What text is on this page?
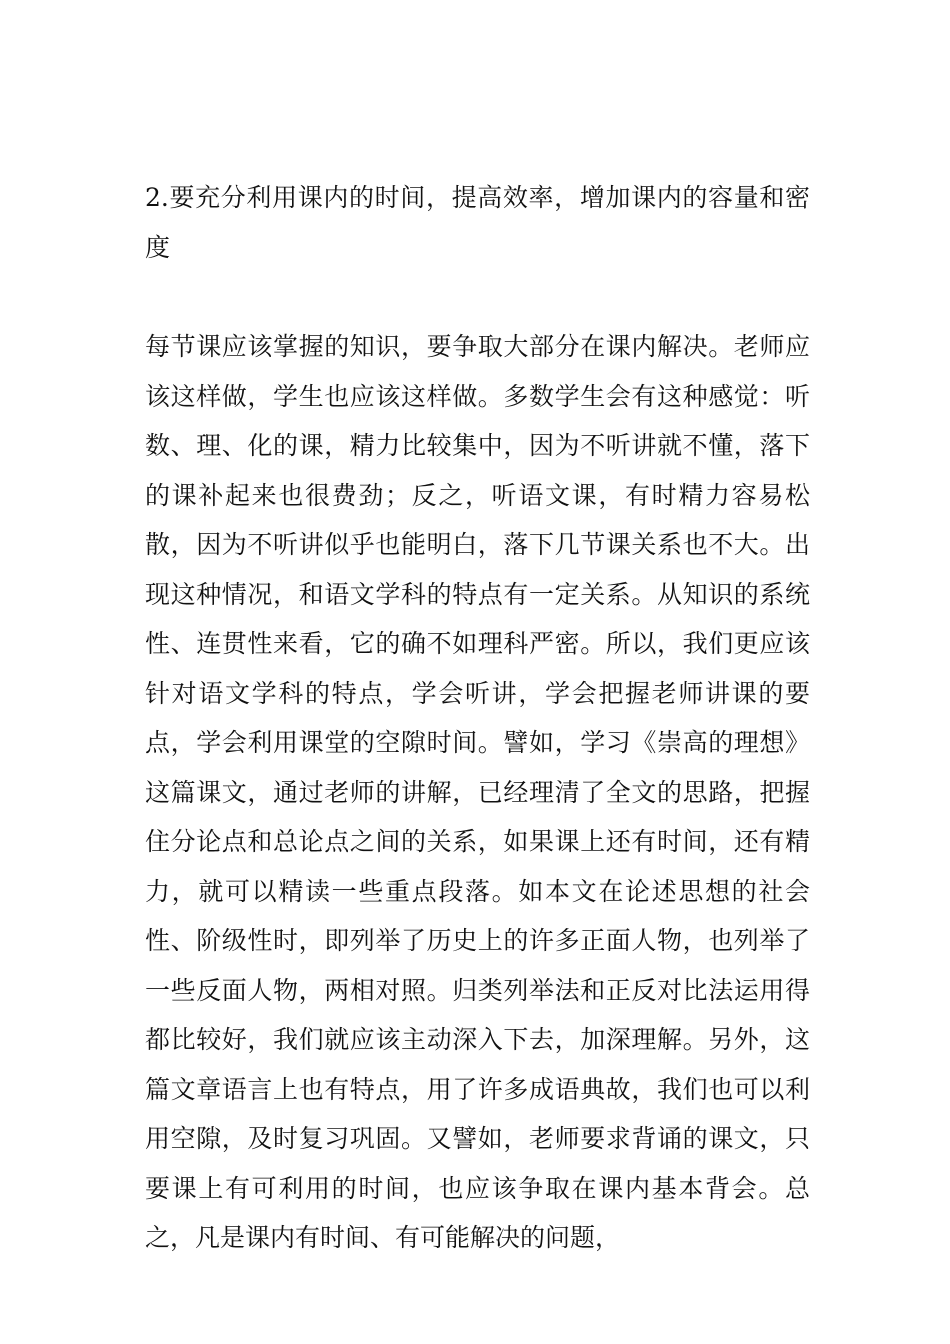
2.要充分利用课内的时间，提高效率，增加课内的容量和密度

每节课应该掌握的知识，要争取大部分在课内解决。老师应该这样做，学生也应该这样做。多数学生会有这种感觉：听数、理、化的课，精力比较集中，因为不听讲就不懂，落下的课补起来也很费劲；反之，听语文课，有时精力容易松散，因为不听讲似乎也能明白，落下几节课关系也不大。出现这种情况，和语文学科的特点有一定关系。从知识的系统性、连贯性来看，它的确不如理科严密。所以，我们更应该针对语文学科的特点，学会听讲，学会把握老师讲课的要点，学会利用课堂的空隙时间。譬如，学习《崇高的理想》这篇课文，通过老师的讲解，已经理清了全文的思路，把握住分论点和总论点之间的关系，如果课上还有时间，还有精力，就可以精读一些重点段落。如本文在论述思想的社会性、阶级性时，即列举了历史上的许多正面人物，也列举了一些反面人物，两相对照。归类列举法和正反对比法运用得都比较好，我们就应该主动深入下去，加深理解。另外，这篇文章语言上也有特点，用了许多成语典故，我们也可以利用空隙，及时复习巩固。又譬如，老师要求背诵的课文，只要课上有可利用的时间，也应该争取在课内基本背会。总之，凡是课内有时间、有可能解决的问题，
